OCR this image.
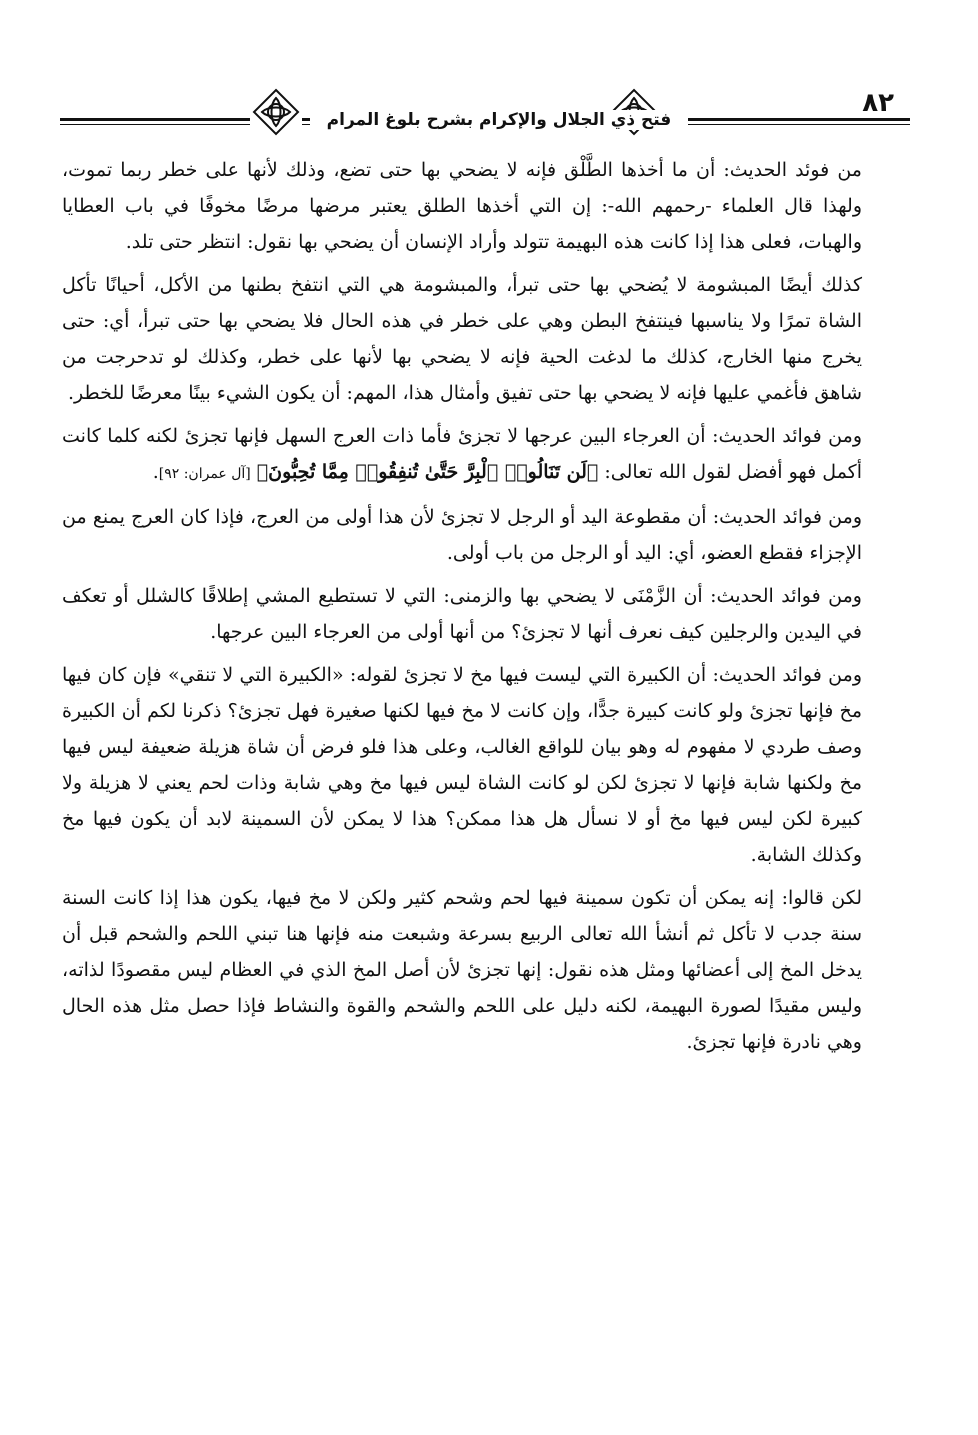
فتح ذي الجلال والإكرام بشرح بلوغ المرام
٨٢

من فوئد الحديث: أن ما أخذها الطَّلْق فإنه لا يضحي بها حتى تضع، وذلك لأنها على خطر ربما تموت، ولهذا قال العلماء -رحمهم الله-: إن التي أخذها الطلق يعتبر مرضها مرضًا مخوفًا في باب العطايا والهبات، فعلى هذا إذا كانت هذه البهيمة تتولد وأراد الإنسان أن يضحي بها نقول: انتظر حتى تلد.

كذلك أيضًا المبشومة لا يُضحي بها حتى تبرأ، والمبشومة هي التي انتفخ بطنها من الأكل، أحيانًا تأكل الشاة تمرًا ولا يناسبها فينتفخ البطن وهي على خطر في هذه الحال فلا يضحي بها حتى تبرأ، أي: حتى يخرج منها الخارج، كذلك ما لدغت الحية فإنه لا يضحي بها لأنها على خطر، وكذلك لو تدحرجت من شاهق فأغمي عليها فإنه لا يضحي بها حتى تفيق وأمثال هذا، المهم: أن يكون الشيء بينًا معرضًا للخطر.

ومن فوائد الحديث: أن العرجاء البين عرجها لا تجزئ فأما ذات العرج السهل فإنها تجزئ لكنه كلما كانت أكمل فهو أفضل لقول الله تعالى: ﴿لَن تَنَالُوا۟ ٱلْبِرَّ حَتَّىٰ تُنفِقُوا۟ مِمَّا تُحِبُّونَ﴾ [آل عمران: ٩٢].

ومن فوائد الحديث: أن مقطوعة اليد أو الرجل لا تجزئ لأن هذا أولى من العرج، فإذا كان العرج يمنع من الإجزاء فقطع العضو، أي: اليد أو الرجل من باب أولى.

ومن فوائد الحديث: أن الزَّمْنَى لا يضحي بها والزمنى: التي لا تستطيع المشي إطلاقًا كالشلل أو تعكف في اليدين والرجلين كيف نعرف أنها لا تجزئ؟ من أنها أولى من العرجاء البين عرجها.

ومن فوائد الحديث: أن الكبيرة التي ليست فيها مخ لا تجزئ لقوله: «الكبيرة التي لا تنقي» فإن كان فيها مخ فإنها تجزئ ولو كانت كبيرة جدًّا، وإن كانت لا مخ فيها لكنها صغيرة فهل تجزئ؟ ذكرنا لكم أن الكبيرة وصف طردي لا مفهوم له وهو بيان للواقع الغالب، وعلى هذا فلو فرض أن شاة هزيلة ضعيفة ليس فيها مخ ولكنها شابة فإنها لا تجزئ لكن لو كانت الشاة ليس فيها مخ وهي شابة وذات لحم يعني لا هزيلة ولا كبيرة لكن ليس فيها مخ أو لا نسأل هل هذا ممكن؟ هذا لا يمكن لأن السمينة لابد أن يكون فيها مخ وكذلك الشابة.

لكن قالوا: إنه يمكن أن تكون سمينة فيها لحم وشحم كثير ولكن لا مخ فيها، يكون هذا إذا كانت السنة سنة جدب لا تأكل ثم أنشأ الله تعالى الربيع بسرعة وشبعت منه فإنها هنا تبني اللحم والشحم قبل أن يدخل المخ إلى أعضائها ومثل هذه نقول: إنها تجزئ لأن أصل المخ الذي في العظام ليس مقصودًا لذاته، وليس مقيدًا لصورة البهيمة، لكنه دليل على اللحم والشحم والقوة والنشاط فإذا حصل مثل هذه الحال وهي نادرة فإنها تجزئ.
